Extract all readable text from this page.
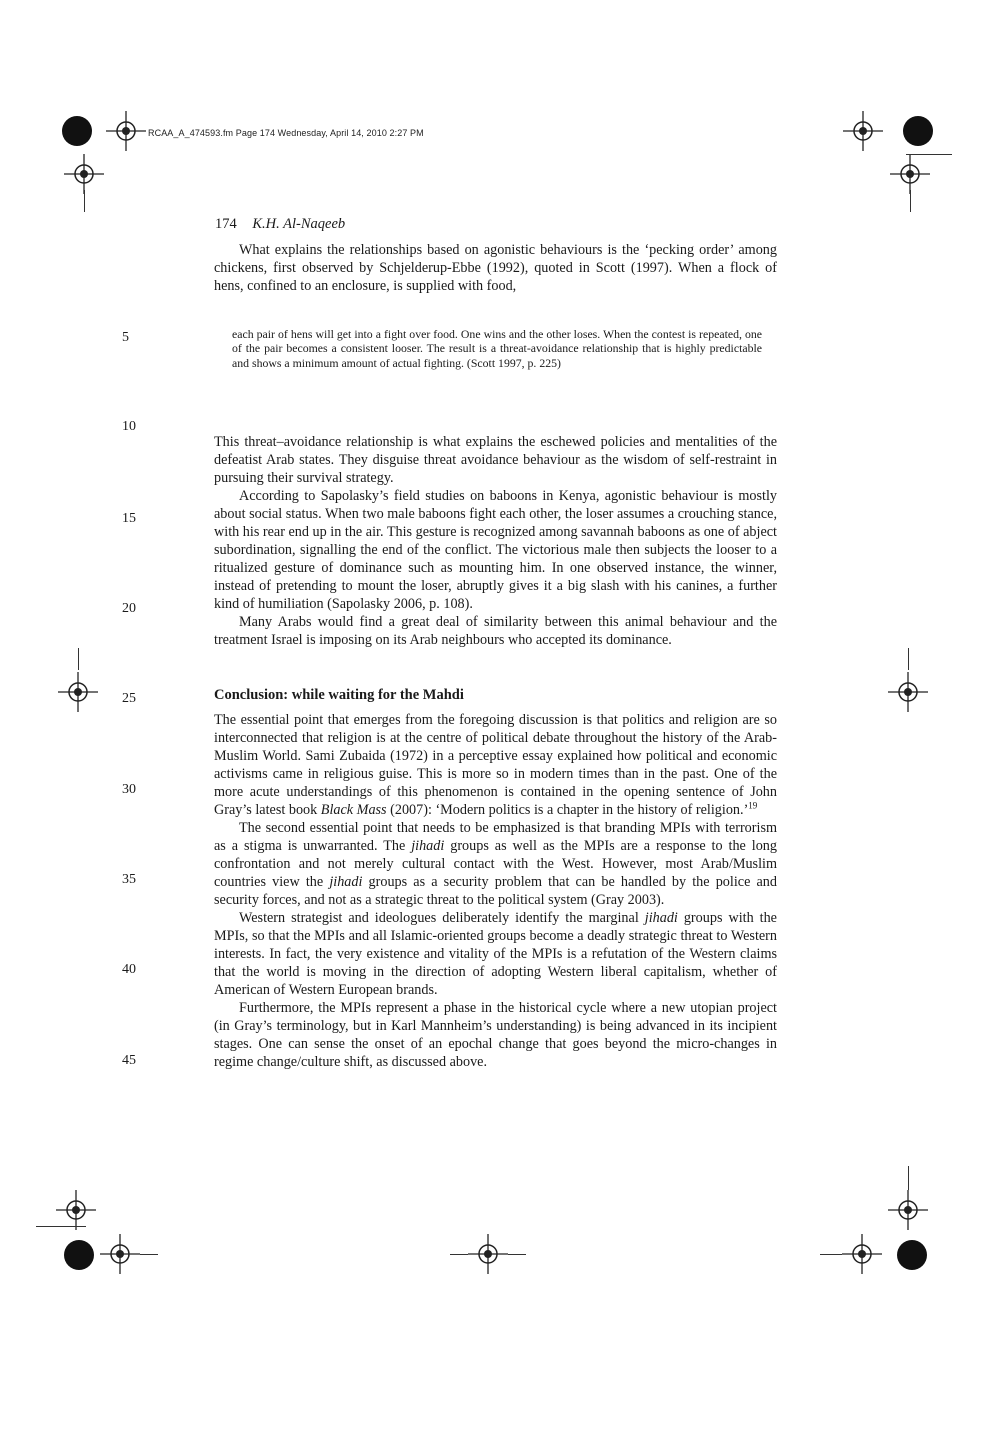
RCAA_A_474593.fm Page 174 Wednesday, April 14, 2010 2:27 PM
174 K.H. Al-Naqeeb

What explains the relationships based on agonistic behaviours is the ‘pecking order’ among chickens, first observed by Schjelderup-Ebbe (1992), quoted in Scott (1997). When a flock of hens, confined to an enclosure, is supplied with food,

each pair of hens will get into a fight over food. One wins and the other loses. When the contest is repeated, one of the pair becomes a consistent looser. The result is a threat-avoidance relationship that is highly predictable and shows a minimum amount of actual fighting. (Scott 1997, p. 225)

This threat–avoidance relationship is what explains the eschewed policies and mentalities of the defeatist Arab states. They disguise threat avoidance behaviour as the wisdom of self-restraint in pursuing their survival strategy.

According to Sapolasky’s field studies on baboons in Kenya, agonistic behaviour is mostly about social status. When two male baboons fight each other, the loser assumes a crouching stance, with his rear end up in the air. This gesture is recognized among savannah baboons as one of abject subordination, signalling the end of the conflict. The victorious male then subjects the looser to a ritualized gesture of dominance such as mounting him. In one observed instance, the winner, instead of pretending to mount the loser, abruptly gives it a big slash with his canines, a further kind of humiliation (Sapolasky 2006, p. 108).

Many Arabs would find a great deal of similarity between this animal behaviour and the treatment Israel is imposing on its Arab neighbours who accepted its dominance.

Conclusion: while waiting for the Mahdi

The essential point that emerges from the foregoing discussion is that politics and religion are so interconnected that religion is at the centre of political debate throughout the history of the Arab-Muslim World. Sami Zubaida (1972) in a perceptive essay explained how political and economic activisms came in religious guise. This is more so in modern times than in the past. One of the more acute understandings of this phenomenon is contained in the opening sentence of John Gray’s latest book Black Mass (2007): ‘Modern politics is a chapter in the history of religion.’$^{19}$

The second essential point that needs to be emphasized is that branding MPIs with terrorism as a stigma is unwarranted. The jihadi groups as well as the MPIs are a response to the long confrontation and not merely cultural contact with the West. However, most Arab/Muslim countries view the jihadi groups as a security problem that can be handled by the police and security forces, and not as a strategic threat to the political system (Gray 2003).

Western strategist and ideologues deliberately identify the marginal jihadi groups with the MPIs, so that the MPIs and all Islamic-oriented groups become a deadly strategic threat to Western interests. In fact, the very existence and vitality of the MPIs is a refutation of the Western claims that the world is moving in the direction of adopting Western liberal capitalism, whether of American of Western European brands.

Furthermore, the MPIs represent a phase in the historical cycle where a new utopian project (in Gray’s terminology, but in Karl Mannheim’s understanding) is being advanced in its incipient stages. One can sense the onset of an epochal change that goes beyond the micro-changes in regime change/culture shift, as discussed above.

5
10
15
20
25
30
35
40
45
